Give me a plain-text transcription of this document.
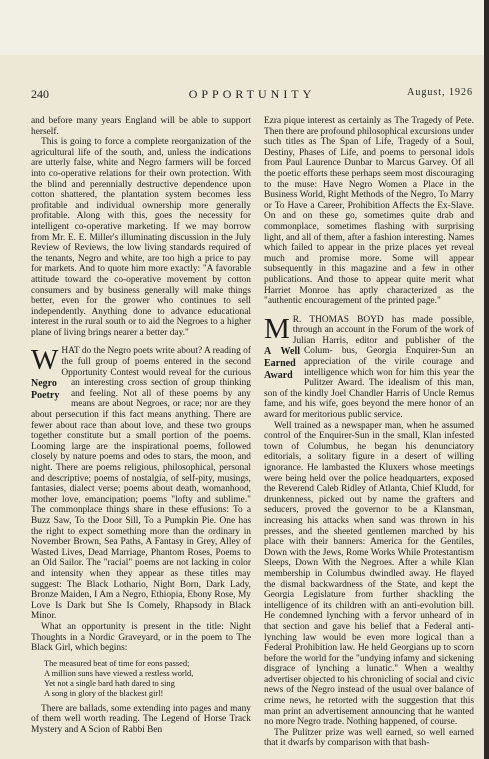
240	OPPORTUNITY	August, 1926

and before many years England will be able to support herself.

This is going to force a complete reorganization of the agricultural life of the south, and, unless the indications are utterly false, white and Negro farmers will be forced into co-operative relations for their own protection. With the blind and perennially destructive dependence upon cotton shattered, the plantation system becomes less profitable and individual ownership more generally profitable. Along with this, goes the necessity for intelligent co-operative marketing. If we may borrow from Mr. E. E. Miller's illuminating discussion in the July Review of Reviews, the low living standards required of the tenants, Negro and white, are too high a price to pay for markets. And to quote him more exactly: "A favorable attitude toward the co-operative movement by cotton consumers and by business generally will make things better, even for the grower who continues to sell independently. Anything done to advance educational interest in the rural south or to aid the Negroes to a higher plane of living brings nearer a better day."

WHAT do the Negro poets write about? A reading of the full group of poems entered in the second Opportunity Contest would reveal for
Negro Poetry
the curious an interesting cross section of group thinking and feeling. Not all of these poems by any means are about Negroes, or race; nor are they about persecution if this fact means anything. There are fewer about race than about love, and these two groups together constitute but a small portion of the poems. Looming large are the inspirational poems, followed closely by nature poems and odes to stars, the moon, and night. There are poems religious, philosophical, personal and descriptive; poems of nostalgia, of self-pity, musings, fantasies, dialect verse; poems about death, womanhood, mother love, emancipation; poems "lofty and sublime." The commonplace things share in these effusions: To a Buzz Saw, To the Door Sill, To a Pumpkin Pie. One has the right to expect something more than the ordinary in November Brown, Sea Paths, A Fantasy in Grey, Alley of Wasted Lives, Dead Marriage, Phantom Roses, Poems to an Old Sailor. The "racial" poems are not lacking in color and intensity when they appear as these titles may suggest: The Black Lothario, Night Born, Dark Lady, Bronze Maiden, I Am a Negro, Ethiopia, Ebony Rose, My Love Is Dark but She Is Comely, Rhapsody in Black Minor.

What an opportunity is present in the title: Night Thoughts in a Nordic Graveyard, or in the poem to The Black Girl, which begins:

The measured beat of time for eons passed;
A million suns have viewed a restless world,
Yet not a single bard hath dared to sing
A song in glory of the blackest girl!

There are ballads, some extending into pages and many of them well worth reading. The Legend of Horse Track Mystery and A Scion of Rabbi Ben

Ezra pique interest as certainly as The Tragedy of Pete. Then there are profound philosophical excursions under such titles as The Span of Life, Tragedy of a Soul, Destiny, Phases of Life, and poems to personal idols from Paul Laurence Dunbar to Marcus Garvey. Of all the poetic efforts these perhaps seem most discouraging to the muse: Have Negro Women a Place in the Business World, Right Methods of the Negro, To Marry or To Have a Career, Prohibition Affects the Ex-Slave. On and on these go, sometimes quite drab and commonplace, sometimes flashing with surprising light, and all of them, after a fashion interesting. Names which failed to appear in the prize places yet reveal much and promise more. Some will appear subsequently in this magazine and a few in other publications. And those to appear quite merit what Harriet Monroe has aptly characterized as the "authentic encouragement of the printed page."

M R. THOMAS BOYD has made possible, through an account in the Forum of the work of Julian Harris, editor and publisher of the Colum-
A Well Earned Award
bus, Georgia Enquirer-Sun an appreciation of the virile courage and intelligence which won for him this year the Pulitzer Award. The idealism of this man, son of the kindly Joel Chandler Harris of Uncle Remus fame, and his wife, goes beyond the mere honor of an award for meritorious public service.

Well trained as a newspaper man, when he assumed control of the Enquirer-Sun in the small, Klan infested town of Columbus, he began his denunciatory editorials, a solitary figure in a desert of willing ignorance. He lambasted the Kluxers whose meetings were being held over the police headquarters, exposed the Reverend Caleb Ridley of Atlanta, Chief Kludd, for drunkenness, picked out by name the grafters and seducers, proved the governor to be a Klansman, increasing his attacks when sand was thrown in his presses, and the sheeted gentlemen marched by his place with their banners: America for the Gentiles, Down with the Jews, Rome Works While Protestantism Sleeps, Down With the Negroes. After a while Klan membership in Columbus dwindled away. He flayed the dismal backwardness of the State, and kept the Georgia Legislature from further shackling the intelligence of its children with an anti-evolution bill. He condemned lynching with a fervor unheard of in that section and gave his belief that a Federal anti-lynching law would be even more logical than a Federal Prohibition law. He held Georgians up to scorn before the world for the "undying infamy and sickening disgrace of lynching a lunatic." When a wealthy advertiser objected to his chronicling of social and civic news of the Negro instead of the usual over balance of crime news, he retorted with the suggestion that this man print an advertisement announcing that he wanted no more Negro trade. Nothing happened, of course.

The Pulitzer prize was well earned, so well earned that it dwarfs by comparison with that bash-
